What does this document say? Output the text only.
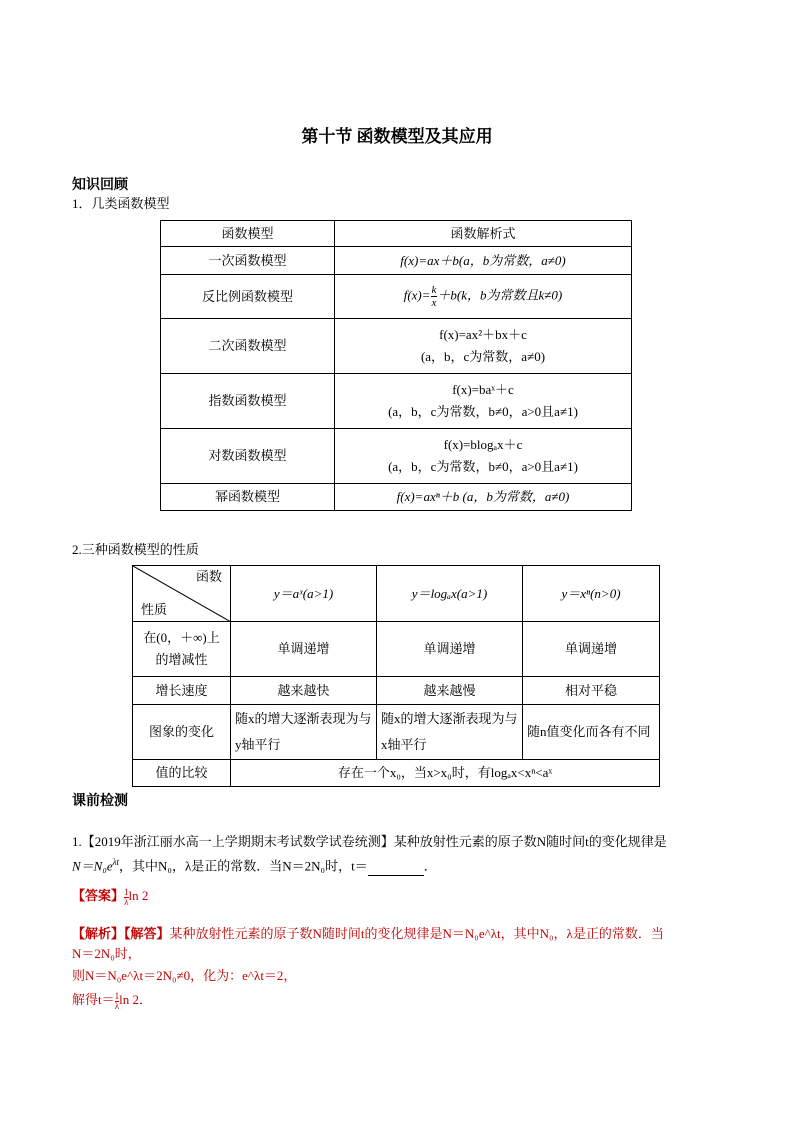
第十节 函数模型及其应用
知识回顾
1．几类函数模型
函数模型	函数解析式
一次函数模型	f(x)=ax＋b(a，b为常数，a≠0)
反比例函数模型	$f(x)= \frac{k}{x} +b(k$，b为常数且k≠0)
二次函数模型	f(x)=ax²＋bx＋c
(a，b，c为常数，a≠0)

指数函数模型	f(x)=baˣ＋c
(a，b，c为常数，b≠0，a>0且a≠1)

对数函数模型	f(x)=blogₐx＋c
(a，b，c为常数，b≠0，a>0且a≠1)

幂函数模型	f(x)=axⁿ＋b (a，b为常数，a≠0)
2.三种函数模型的性质
函数
性质	y＝aˣ(a>1)	y＝logₐx(a>1)	y＝xⁿ(n>0)

在(0，＋∞)上
的增减性	单调递增	单调递增	单调递增
增长速度	越来越快	越来越慢	相对平稳
图象的变化	随x的增大逐渐表现为与y轴平行	随x的增大逐渐表现为与x轴平行	随n值变化而各有不同
值的比较	存在一个x₀，当x>x₀时，有logₐx<xⁿ<aˣ		
课前检测
1.【2019年浙江丽水高一上学期期末考试数学试卷统测】某种放射性元素的原子数N随时间t的变化规律是
$N=N_0e^{\lambda t}$，其中N₀，λ是正的常数．当N＝2N₀时，t＝	．
【答案】 $\frac{1}{\lambda}$ ln 2
【解析】【解答】某种放射性元素的原子数N随时间t的变化规律是N＝N₀e^λt，其中N₀，λ是正的常数．当
N＝2N₀时，
则N＝N₀e^λt＝2N₀≠0，化为：e^λt＝2，
解得$t= \frac{1}{\lambda}$ ln 2．
